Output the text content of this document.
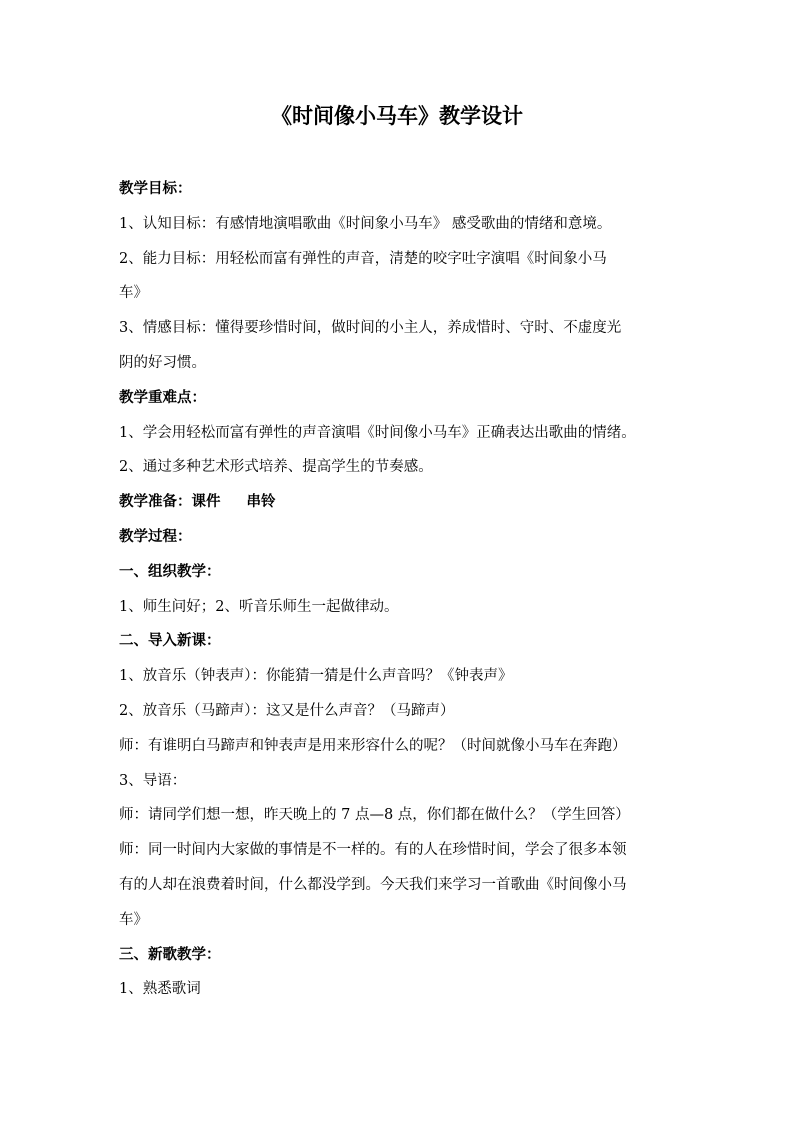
《时间像小马车》教学设计
教学目标：
1、认知目标：有感情地演唱歌曲《时间象小马车》 感受歌曲的情绪和意境。
2、能力目标：用轻松而富有弹性的声音，清楚的咬字吐字演唱《时间象小马
车》
3、情感目标：懂得要珍惜时间，做时间的小主人，养成惜时、守时、不虚度光
阴的好习惯。
教学重难点：
1、学会用轻松而富有弹性的声音演唱《时间像小马车》正确表达出歌曲的情绪。
2、通过多种艺术形式培养、提高学生的节奏感。
教学准备：课件 串铃
教学过程：
一、组织教学：
1、师生问好；2、听音乐师生一起做律动。
二、导入新课：
1、放音乐（钟表声）：你能猜一猜是什么声音吗？《钟表声》
2、放音乐（马蹄声）：这又是什么声音？（马蹄声）
师：有谁明白马蹄声和钟表声是用来形容什么的呢？（时间就像小马车在奔跑）
3、导语：
师：请同学们想一想，昨天晚上的 7 点—8 点，你们都在做什么？（学生回答）
师：同一时间内大家做的事情是不一样的。有的人在珍惜时间，学会了很多本领
有的人却在浪费着时间，什么都没学到。今天我们来学习一首歌曲《时间像小马
车》
三、新歌教学：
1、熟悉歌词
